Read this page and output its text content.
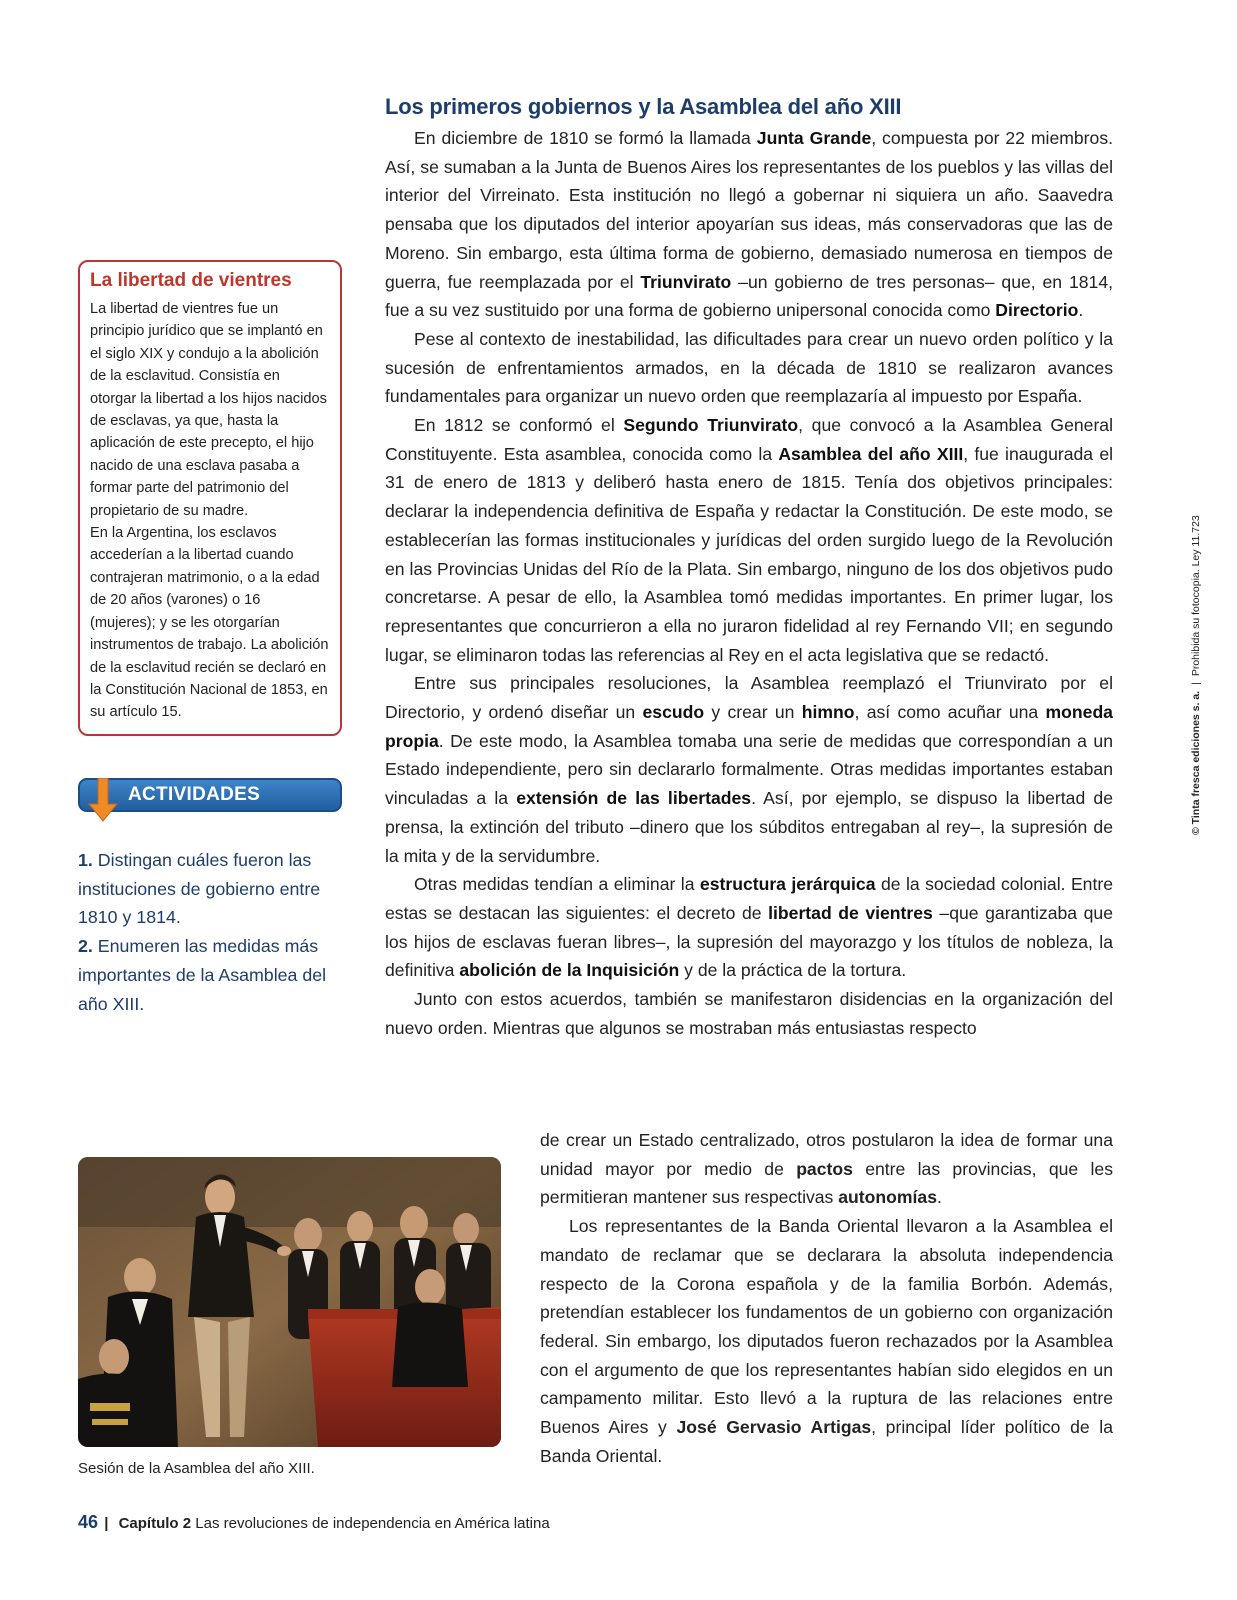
Los primeros gobiernos y la Asamblea del año XIII

En diciembre de 1810 se formó la llamada Junta Grande, compuesta por 22 miembros. Así, se sumaban a la Junta de Buenos Aires los representantes de los pueblos y las villas del interior del Virreinato. Esta institución no llegó a gobernar ni siquiera un año. Saavedra pensaba que los diputados del interior apoyarían sus ideas, más conservadoras que las de Moreno. Sin embargo, esta última forma de gobierno, demasiado numerosa en tiempos de guerra, fue reemplazada por el Triunvirato –un gobierno de tres personas– que, en 1814, fue a su vez sustituido por una forma de gobierno unipersonal conocida como Directorio.

Pese al contexto de inestabilidad, las dificultades para crear un nuevo orden político y la sucesión de enfrentamientos armados, en la década de 1810 se realizaron avances fundamentales para organizar un nuevo orden que reemplazaría al impuesto por España.

En 1812 se conformó el Segundo Triunvirato, que convocó a la Asamblea General Constituyente. Esta asamblea, conocida como la Asamblea del año XIII, fue inaugurada el 31 de enero de 1813 y deliberó hasta enero de 1815. Tenía dos objetivos principales: declarar la independencia definitiva de España y redactar la Constitución. De este modo, se establecerían las formas institucionales y jurídicas del orden surgido luego de la Revolución en las Provincias Unidas del Río de la Plata. Sin embargo, ninguno de los dos objetivos pudo concretarse. A pesar de ello, la Asamblea tomó medidas importantes. En primer lugar, los representantes que concurrieron a ella no juraron fidelidad al rey Fernando VII; en segundo lugar, se eliminaron todas las referencias al Rey en el acta legislativa que se redactó.

Entre sus principales resoluciones, la Asamblea reemplazó el Triunvirato por el Directorio, y ordenó diseñar un escudo y crear un himno, así como acuñar una moneda propia. De este modo, la Asamblea tomaba una serie de medidas que correspondían a un Estado independiente, pero sin declararlo formalmente. Otras medidas importantes estaban vinculadas a la extensión de las libertades. Así, por ejemplo, se dispuso la libertad de prensa, la extinción del tributo –dinero que los súbditos entregaban al rey–, la supresión de la mita y de la servidumbre.

Otras medidas tendían a eliminar la estructura jerárquica de la sociedad colonial. Entre estas se destacan las siguientes: el decreto de libertad de vientres –que garantizaba que los hijos de esclavas fueran libres–, la supresión del mayorazgo y los títulos de nobleza, la definitiva abolición de la Inquisición y de la práctica de la tortura.

Junto con estos acuerdos, también se manifestaron disidencias en la organización del nuevo orden. Mientras que algunos se mostraban más entusiastas respecto

de crear un Estado centralizado, otros postularon la idea de formar una unidad mayor por medio de pactos entre las provincias, que les permitieran mantener sus respectivas autonomías.

Los representantes de la Banda Oriental llevaron a la Asamblea el mandato de reclamar que se declarara la absoluta independencia respecto de la Corona española y de la familia Borbón. Además, pretendían establecer los fundamentos de un gobierno con organización federal. Sin embargo, los diputados fueron rechazados por la Asamblea con el argumento de que los representantes habían sido elegidos en un campamento militar. Esto llevó a la ruptura de las relaciones entre Buenos Aires y José Gervasio Artigas, principal líder político de la Banda Oriental.

La libertad de vientres

La libertad de vientres fue un principio jurídico que se implantó en el siglo XIX y condujo a la abolición de la esclavitud. Consistía en otorgar la libertad a los hijos nacidos de esclavas, ya que, hasta la aplicación de este precepto, el hijo nacido de una esclava pasaba a formar parte del patrimonio del propietario de su madre.

En la Argentina, los esclavos accederían a la libertad cuando contrajeran matrimonio, o a la edad de 20 años (varones) o 16 (mujeres); y se les otorgarían instrumentos de trabajo. La abolición de la esclavitud recién se declaró en la Constitución Nacional de 1853, en su artículo 15.

ACTIVIDADES
1. Distingan cuáles fueron las instituciones de gobierno entre 1810 y 1814.
2. Enumeren las medidas más importantes de la Asamblea del año XIII.

Sesión de la Asamblea del año XIII.

46 | Capítulo 2 Las revoluciones de independencia en América latina

© Tinta fresca ediciones s. a.|Prohibida su fotocopia. Ley 11.723
